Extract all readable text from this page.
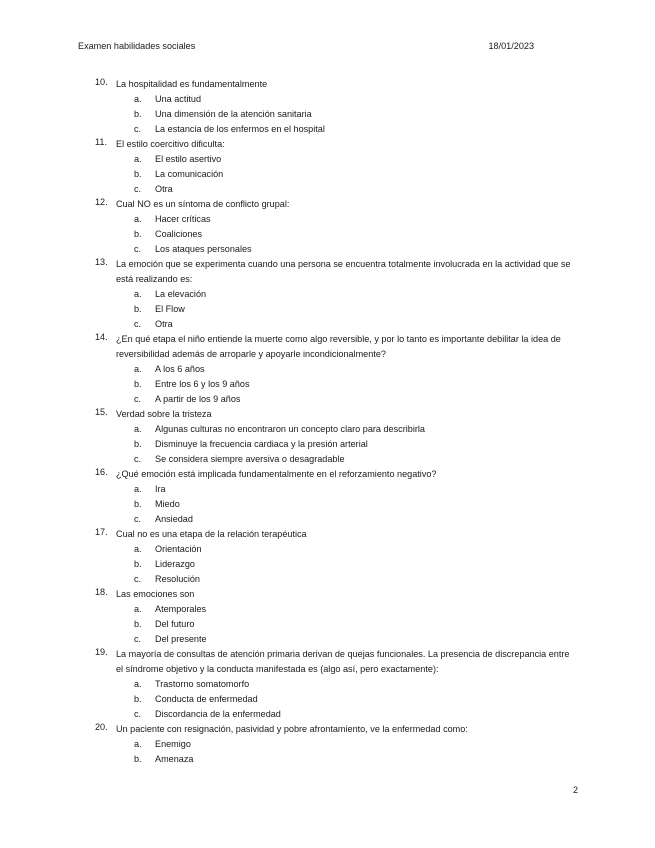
Examen habilidades sociales	18/01/2023
10. La hospitalidad es fundamentalmente
a. Una actitud
b. Una dimensión de la atención sanitaria
c. La estancia de los enfermos en el hospital
11. El estilo coercitivo dificulta:
a. El estilo asertivo
b. La comunicación
c. Otra
12. Cual NO es un síntoma de conflicto grupal:
a. Hacer críticas
b. Coaliciones
c. Los ataques personales
13. La emoción que se experimenta cuando una persona se encuentra totalmente involucrada en la actividad que se está realizando es:
a. La elevación
b. El Flow
c. Otra
14. ¿En qué etapa el niño entiende la muerte como algo reversible, y por lo tanto es importante debilitar la idea de reversibilidad además de arroparle y apoyarle incondicionalmente?
a. A los 6 años
b. Entre los 6 y los 9 años
c. A partir de los 9 años
15. Verdad sobre la tristeza
a. Algunas culturas no encontraron un concepto claro para describirla
b. Disminuye la frecuencia cardiaca y la presión arterial
c. Se considera siempre aversiva o desagradable
16. ¿Qué emoción está implicada fundamentalmente en el reforzamiento negativo?
a. Ira
b. Miedo
c. Ansiedad
17. Cual no es una etapa de la relación terapéutica
a. Orientación
b. Liderazgo
c. Resolución
18. Las emociones son
a. Atemporales
b. Del futuro
c. Del presente
19. La mayoría de consultas de atención primaria derivan de quejas funcionales. La presencia de discrepancia entre el síndrome objetivo y la conducta manifestada es (algo así, pero exactamente):
a. Trastorno somatomorfo
b. Conducta de enfermedad
c. Discordancia de la enfermedad
20. Un paciente con resignación, pasividad y pobre afrontamiento, ve la enfermedad como:
a. Enemigo
b. Amenaza
2
